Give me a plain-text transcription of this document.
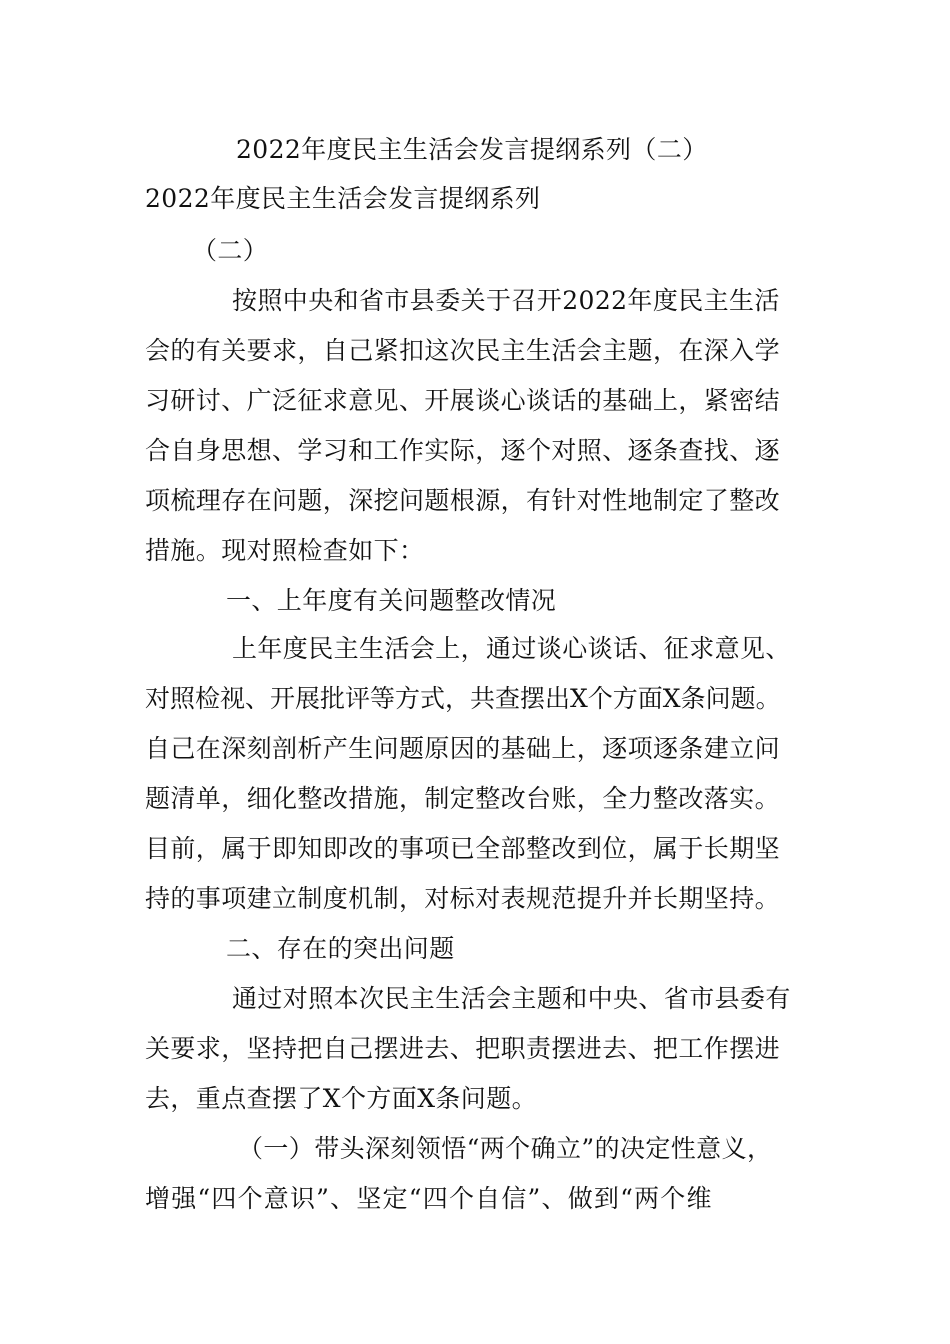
2022年度民主生活会发言提纲系列（二）
2022年度民主生活会发言提纲系列
（二）
按照中央和省市县委关于召开2022年度民主生活
会的有关要求，自己紧扣这次民主生活会主题，在深入学
习研讨、广泛征求意见、开展谈心谈话的基础上，紧密结
合自身思想、学习和工作实际，逐个对照、逐条查找、逐
项梳理存在问题，深挖问题根源，有针对性地制定了整改
措施。现对照检查如下：
一、上年度有关问题整改情况
上年度民主生活会上，通过谈心谈话、征求意见、
对照检视、开展批评等方式，共查摆出X个方面X条问题。
自己在深刻剖析产生问题原因的基础上，逐项逐条建立问
题清单，细化整改措施，制定整改台账，全力整改落实。
目前，属于即知即改的事项已全部整改到位，属于长期坚
持的事项建立制度机制，对标对表规范提升并长期坚持。
二、存在的突出问题
通过对照本次民主生活会主题和中央、省市县委有
关要求，坚持把自己摆进去、把职责摆进去、把工作摆进
去，重点查摆了X个方面X条问题。
（一）带头深刻领悟“两个确立”的决定性意义，
增强“四个意识”、坚定“四个自信”、做到“两个维
